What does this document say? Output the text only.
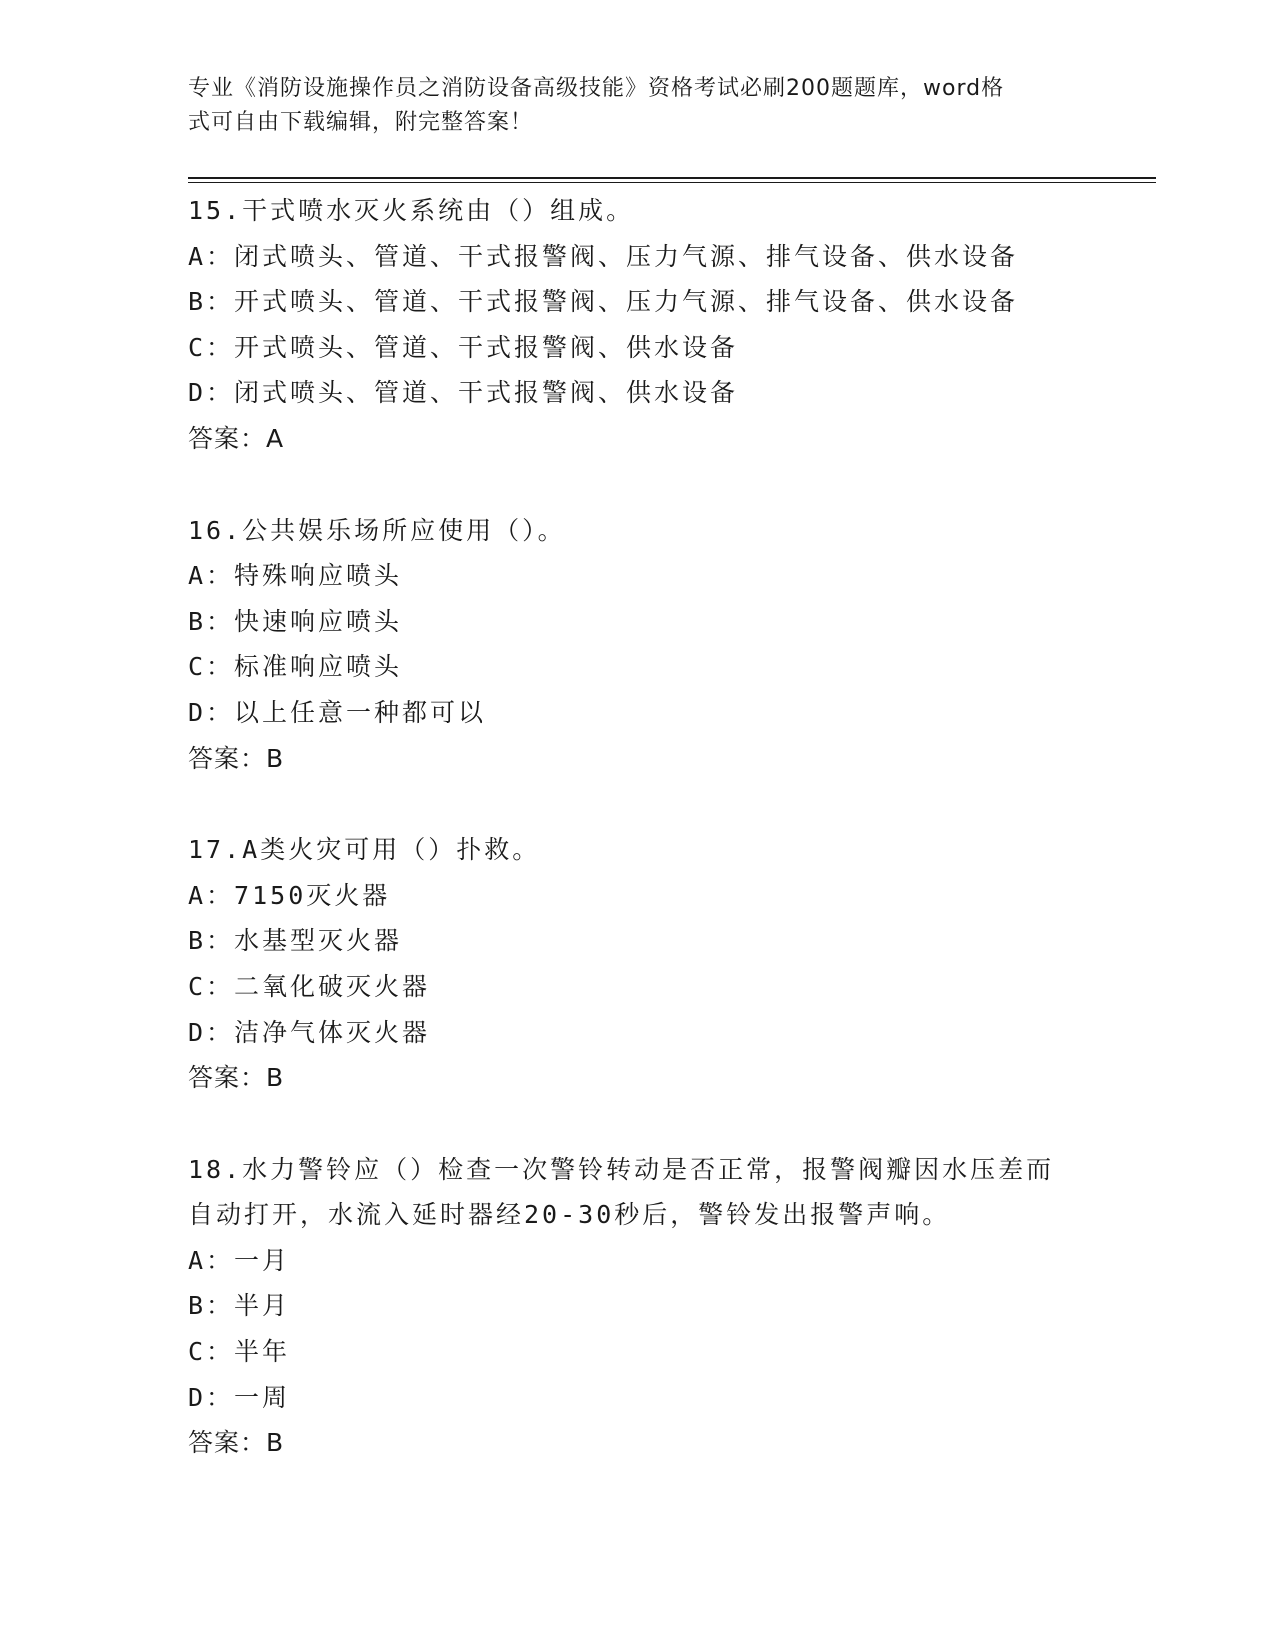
专业《消防设施操作员之消防设备高级技能》资格考试必刷200题题库，word格
式可自由下载编辑，附完整答案！
15.干式喷水灭火系统由（）组成。
A：闭式喷头、管道、干式报警阀、压力气源、排气设备、供水设备
B：开式喷头、管道、干式报警阀、压力气源、排气设备、供水设备
C：开式喷头、管道、干式报警阀、供水设备
D：闭式喷头、管道、干式报警阀、供水设备
答案：A
16.公共娱乐场所应使用（）。
A：特殊响应喷头
B：快速响应喷头
C：标准响应喷头
D：以上任意一种都可以
答案：B
17.A类火灾可用（）扑救。
A：7150灭火器
B：水基型灭火器
C：二氧化破灭火器
D：洁净气体灭火器
答案：B
18.水力警铃应（）检查一次警铃转动是否正常，报警阀瓣因水压差而
自动打开，水流入延时器经20-30秒后，警铃发出报警声响。
A：一月
B：半月
C：半年
D：一周
答案：B
